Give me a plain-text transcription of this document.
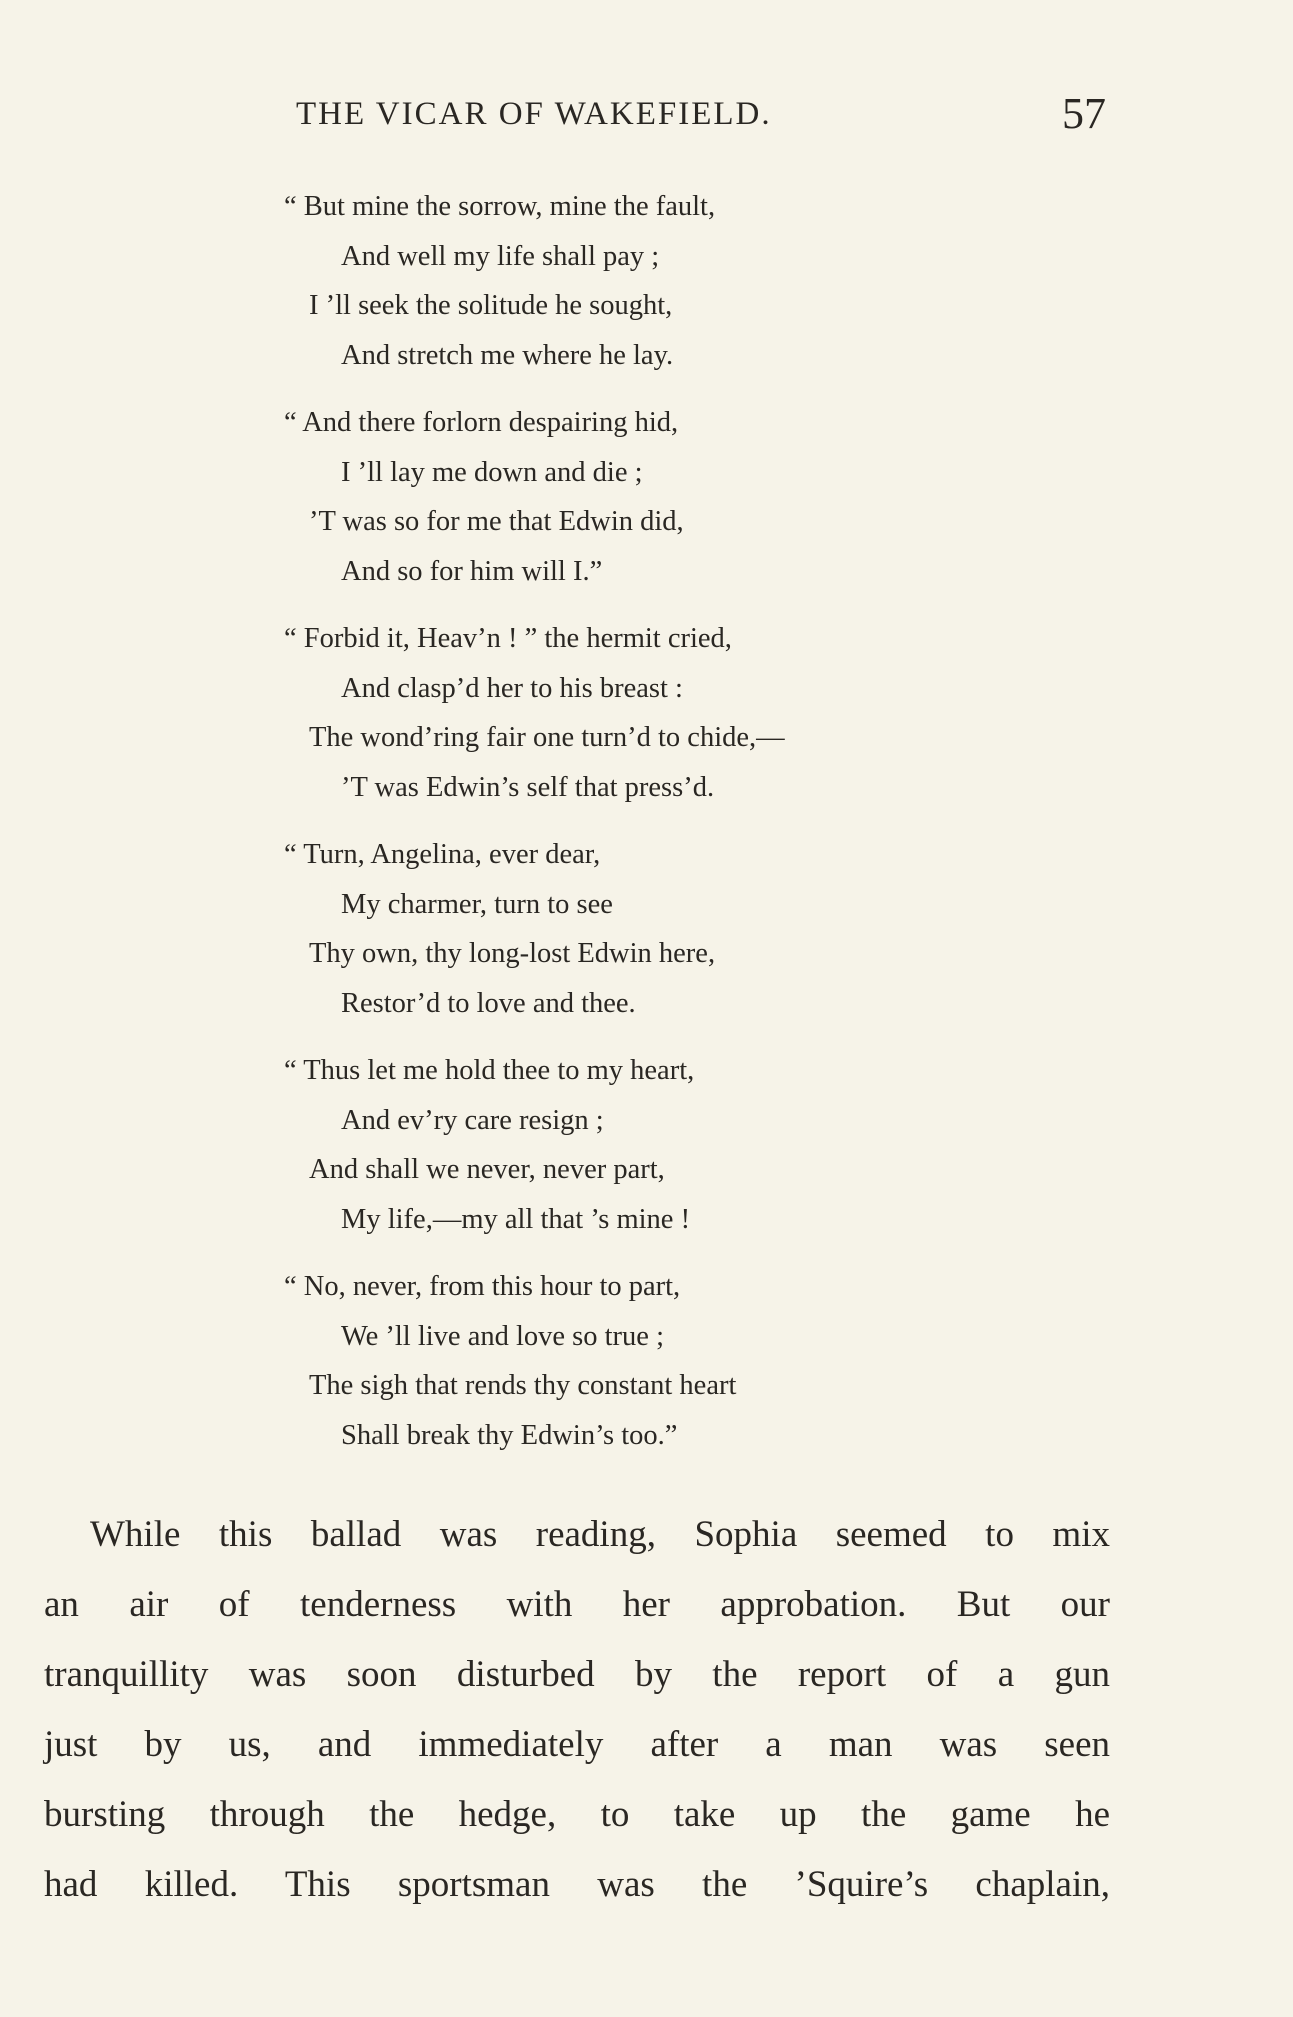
THE VICAR OF WAKEFIELD.	57
“ But mine the sorrow, mine the fault,
And well my life shall pay ;
I ’ll seek the solitude he sought,
And stretch me where he lay.
“ And there forlorn despairing hid,
I ’ll lay me down and die ;
’T was so for me that Edwin did,
And so for him will I.”
“ Forbid it, Heav’n ! ” the hermit cried,
And clasp’d her to his breast :
The wond’ring fair one turn’d to chide,—
’T was Edwin’s self that press’d.
“ Turn, Angelina, ever dear,
My charmer, turn to see
Thy own, thy long-lost Edwin here,
Restor’d to love and thee.
“ Thus let me hold thee to my heart,
And ev’ry care resign ;
And shall we never, never part,
My life,—my all that ’s mine !
“ No, never, from this hour to part,
We ’ll live and love so true ;
The sigh that rends thy constant heart
Shall break thy Edwin’s too.”
While this ballad was reading, Sophia seemed to mix
an air of tenderness with her approbation. But our
tranquillity was soon disturbed by the report of a gun
just by us, and immediately after a man was seen
bursting through the hedge, to take up the game he
had killed. This sportsman was the ’Squire’s chaplain,
